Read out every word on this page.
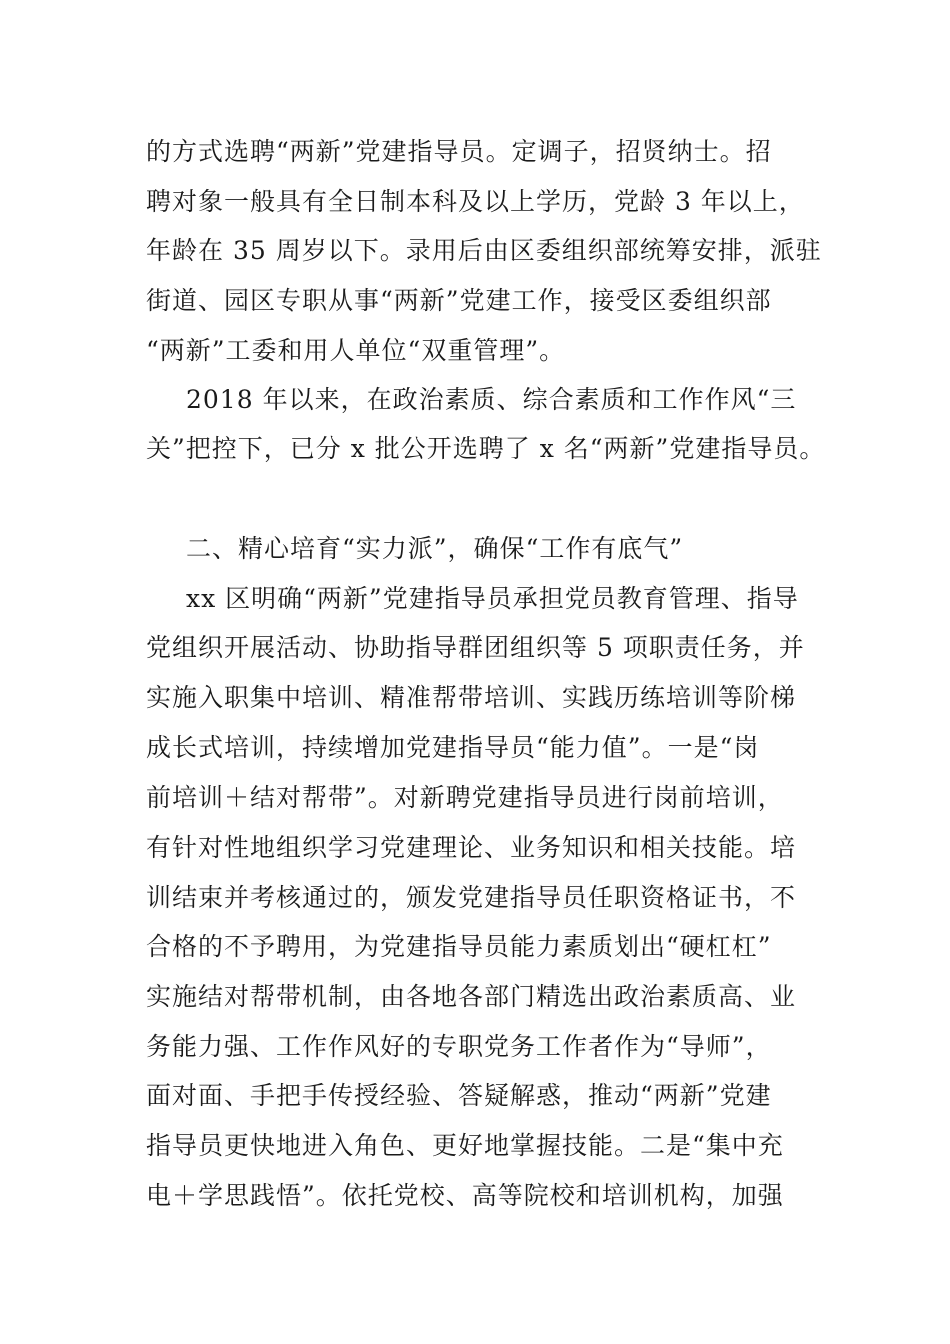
的方式选聘“两新”党建指导员。定调子，招贤纳士。招
聘对象一般具有全日制本科及以上学历，党龄 3 年以上，
年龄在 35 周岁以下。录用后由区委组织部统筹安排，派驻
街道、园区专职从事“两新”党建工作，接受区委组织部
“两新”工委和用人单位“双重管理”。
2018 年以来，在政治素质、综合素质和工作作风“三
关”把控下，已分 x 批公开选聘了 x 名“两新”党建指导员。
二、精心培育“实力派”，确保“工作有底气”
xx 区明确“两新”党建指导员承担党员教育管理、指导
党组织开展活动、协助指导群团组织等 5 项职责任务，并
实施入职集中培训、精准帮带培训、实践历练培训等阶梯
成长式培训，持续增加党建指导员“能力值”。一是“岗
前培训＋结对帮带”。对新聘党建指导员进行岗前培训，
有针对性地组织学习党建理论、业务知识和相关技能。培
训结束并考核通过的，颁发党建指导员任职资格证书，不
合格的不予聘用，为党建指导员能力素质划出“硬杠杠”
实施结对帮带机制，由各地各部门精选出政治素质高、业
务能力强、工作作风好的专职党务工作者作为“导师”，
面对面、手把手传授经验、答疑解惑，推动“两新”党建
指导员更快地进入角色、更好地掌握技能。二是“集中充
电＋学思践悟”。依托党校、高等院校和培训机构，加强
